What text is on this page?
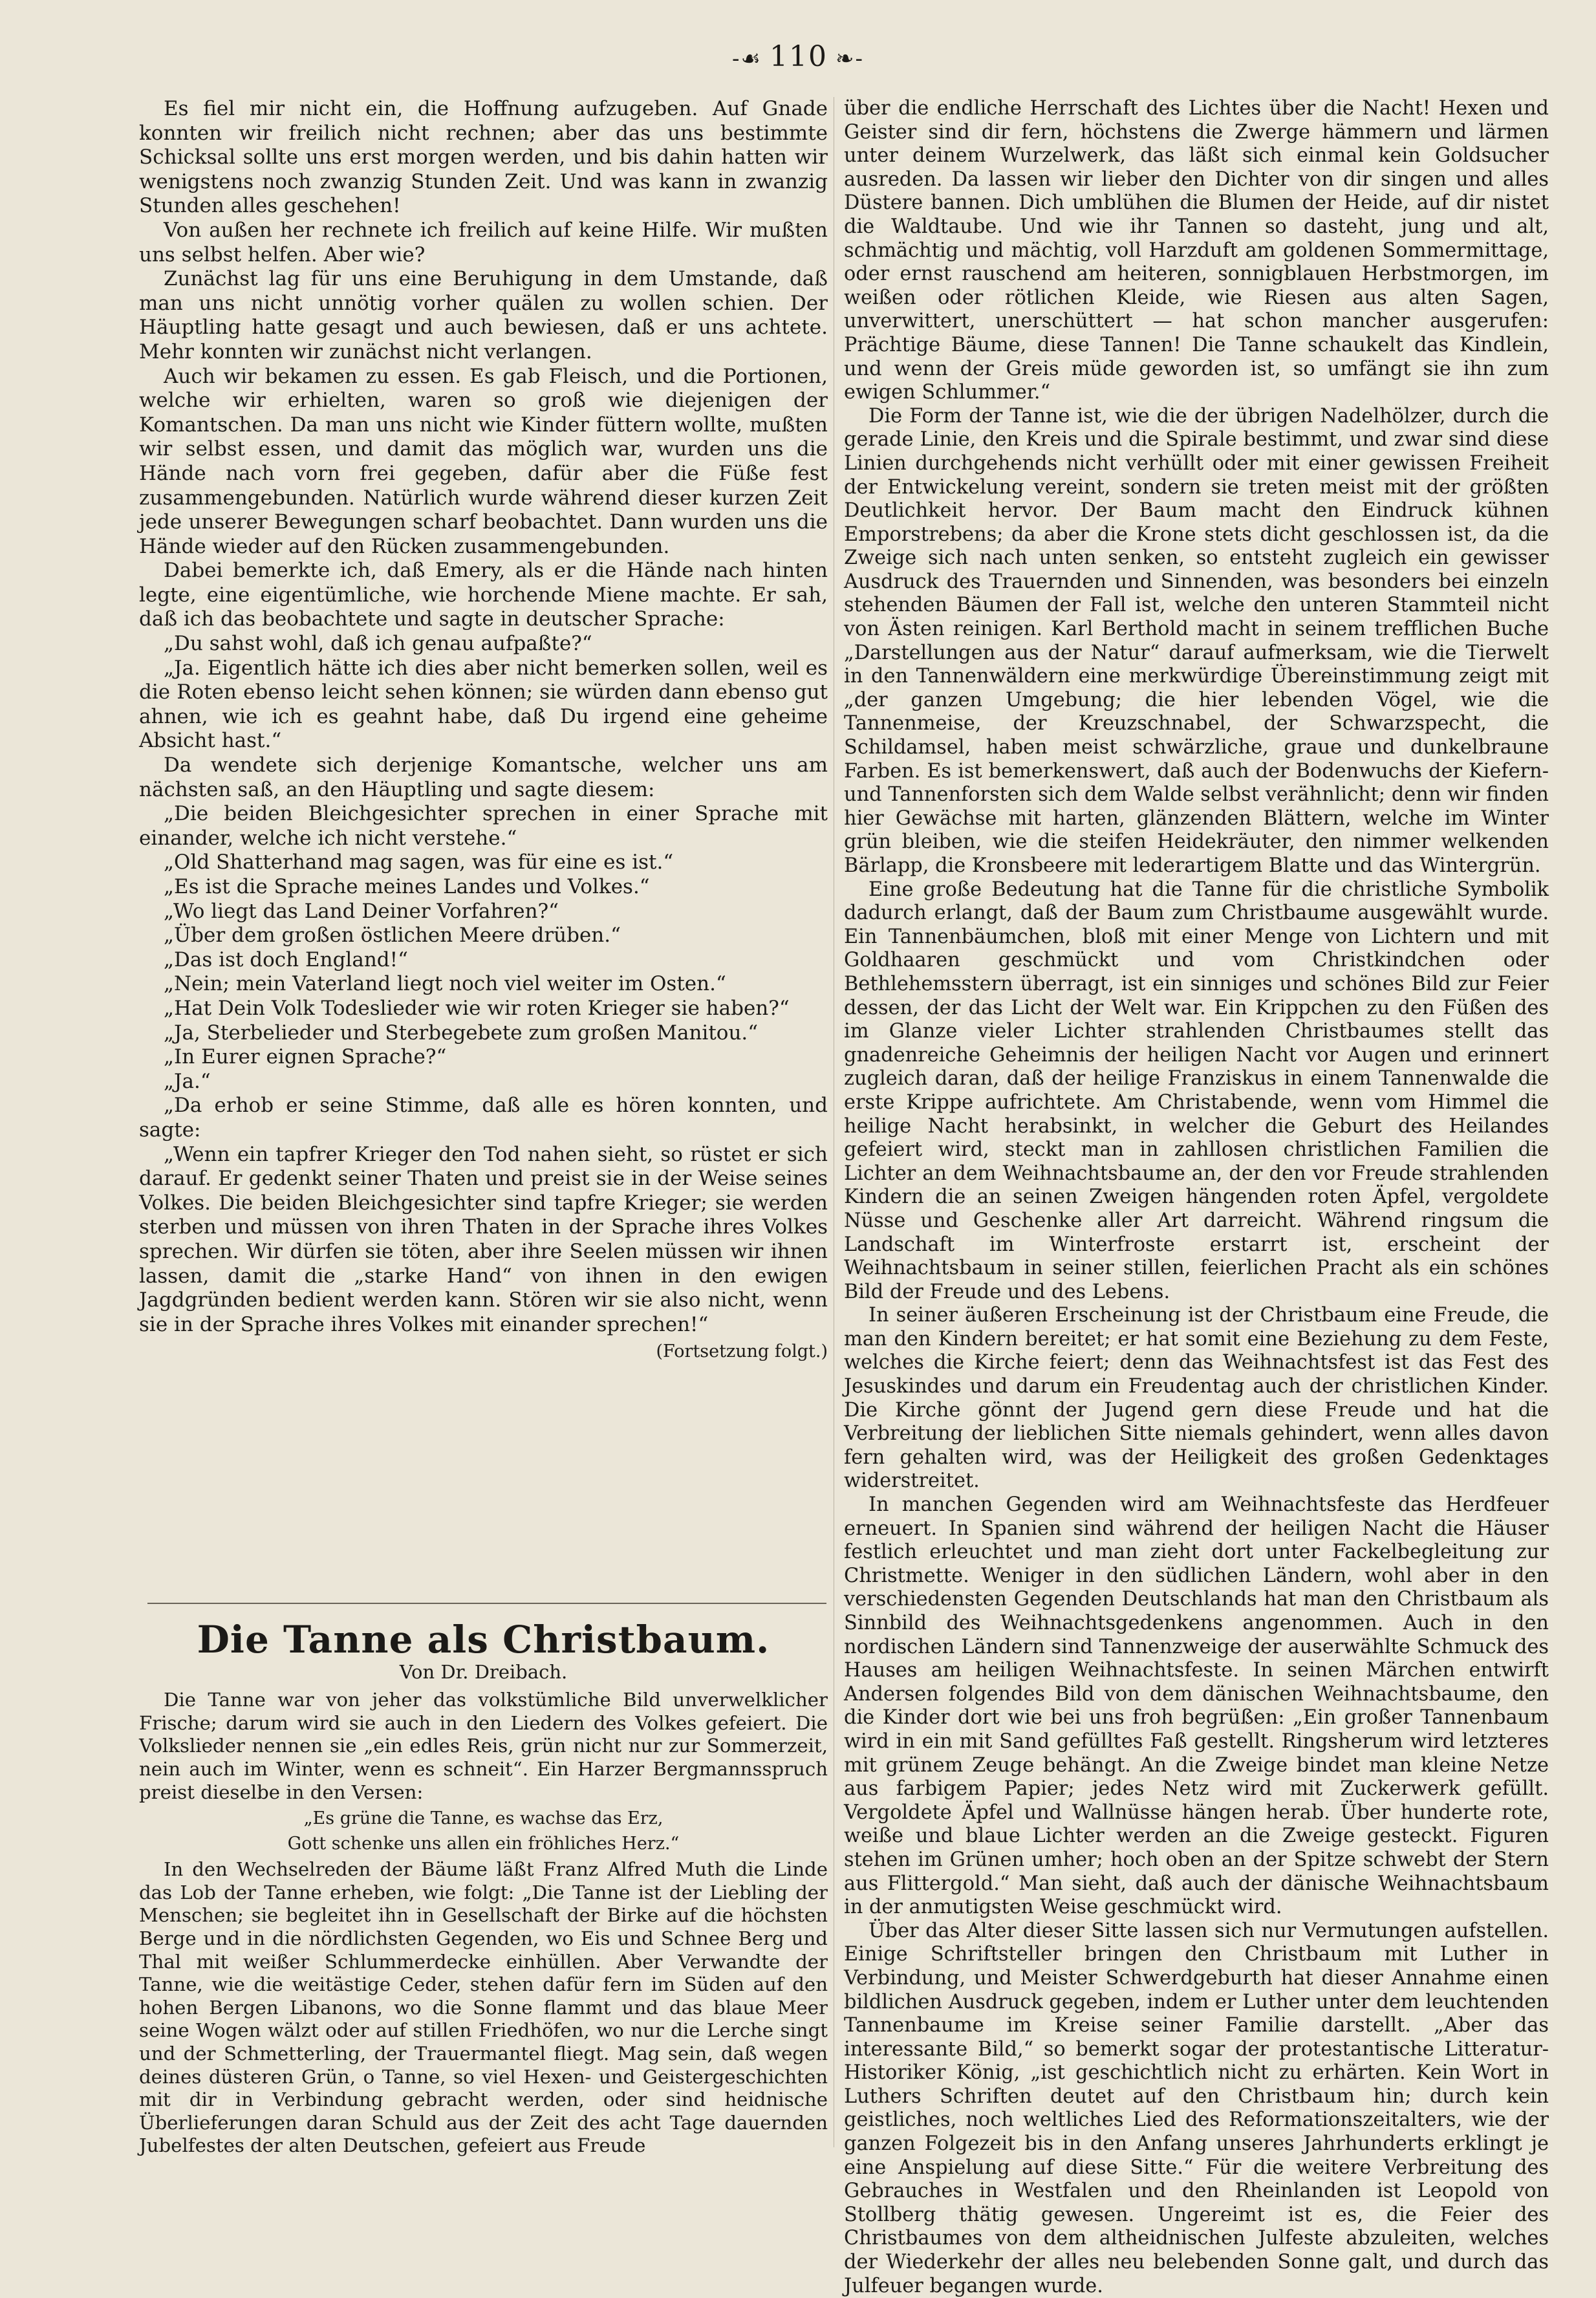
-☙ 110 ❧-

Es fiel mir nicht ein, die Hoffnung aufzugeben. Auf Gnade konnten wir freilich nicht rechnen; aber das uns bestimmte Schicksal sollte uns erst morgen werden, und bis dahin hatten wir wenigstens noch zwanzig Stunden Zeit. Und was kann in zwanzig Stunden alles geschehen!

Von außen her rechnete ich freilich auf keine Hilfe. Wir mußten uns selbst helfen. Aber wie?

Zunächst lag für uns eine Beruhigung in dem Umstande, daß man uns nicht unnötig vorher quälen zu wollen schien. Der Häuptling hatte gesagt und auch bewiesen, daß er uns achtete. Mehr konnten wir zunächst nicht verlangen.

Auch wir bekamen zu essen. Es gab Fleisch, und die Portionen, welche wir erhielten, waren so groß wie diejenigen der Komantschen. Da man uns nicht wie Kinder füttern wollte, mußten wir selbst essen, und damit das möglich war, wurden uns die Hände nach vorn frei gegeben, dafür aber die Füße fest zusammengebunden. Natürlich wurde während dieser kurzen Zeit jede unserer Bewegungen scharf beobachtet. Dann wurden uns die Hände wieder auf den Rücken zusammengebunden.

Dabei bemerkte ich, daß Emery, als er die Hände nach hinten legte, eine eigentümliche, wie horchende Miene machte. Er sah, daß ich das beobachtete und sagte in deutscher Sprache:

„Du sahst wohl, daß ich genau aufpaßte?“

„Ja. Eigentlich hätte ich dies aber nicht bemerken sollen, weil es die Roten ebenso leicht sehen können; sie würden dann ebenso gut ahnen, wie ich es geahnt habe, daß Du irgend eine geheime Absicht hast.“

Da wendete sich derjenige Komantsche, welcher uns am nächsten saß, an den Häuptling und sagte diesem:

„Die beiden Bleichgesichter sprechen in einer Sprache mit einander, welche ich nicht verstehe.“

„Old Shatterhand mag sagen, was für eine es ist.“

„Es ist die Sprache meines Landes und Volkes.“

„Wo liegt das Land Deiner Vorfahren?“

„Über dem großen östlichen Meere drüben.“

„Das ist doch England!“

„Nein; mein Vaterland liegt noch viel weiter im Osten.“

„Hat Dein Volk Todeslieder wie wir roten Krieger sie haben?“

„Ja, Sterbelieder und Sterbegebete zum großen Manitou.“

„In Eurer eignen Sprache?“

„Ja.“

„Da erhob er seine Stimme, daß alle es hören konnten, und sagte:

„Wenn ein tapfrer Krieger den Tod nahen sieht, so rüstet er sich darauf. Er gedenkt seiner Thaten und preist sie in der Weise seines Volkes. Die beiden Bleichgesichter sind tapfre Krieger; sie werden sterben und müssen von ihren Thaten in der Sprache ihres Volkes sprechen. Wir dürfen sie töten, aber ihre Seelen müssen wir ihnen lassen, damit die „starke Hand“ von ihnen in den ewigen Jagdgründen bedient werden kann. Stören wir sie also nicht, wenn sie in der Sprache ihres Volkes mit einander sprechen!“

(Fortsetzung folgt.)
Die Tanne als Christbaum.
Von Dr. Dreibach.

Die Tanne war von jeher das volkstümliche Bild unverwelklicher Frische; darum wird sie auch in den Liedern des Volkes gefeiert. Die Volkslieder nennen sie „ein edles Reis, grün nicht nur zur Sommerzeit, nein auch im Winter, wenn es schneit“. Ein Harzer Bergmannsspruch preist dieselbe in den Versen:

„Es grüne die Tanne, es wachse das Erz,
Gott schenke uns allen ein fröhliches Herz.“

In den Wechselreden der Bäume läßt Franz Alfred Muth die Linde das Lob der Tanne erheben, wie folgt: „Die Tanne ist der Liebling der Menschen; sie begleitet ihn in Gesellschaft der Birke auf die höchsten Berge und in die nördlichsten Gegenden, wo Eis und Schnee Berg und Thal mit weißer Schlummerdecke einhüllen. Aber Verwandte der Tanne, wie die weitästige Ceder, stehen dafür fern im Süden auf den hohen Bergen Libanons, wo die Sonne flammt und das blaue Meer seine Wogen wälzt oder auf stillen Friedhöfen, wo nur die Lerche singt und der Schmetterling, der Trauermantel fliegt. Mag sein, daß wegen deines düsteren Grün, o Tanne, so viel Hexen- und Geistergeschichten mit dir in Verbindung gebracht werden, oder sind heidnische Überlieferungen daran Schuld aus der Zeit des acht Tage dauernden Jubelfestes der alten Deutschen, gefeiert aus Freude

über die endliche Herrschaft des Lichtes über die Nacht! Hexen und Geister sind dir fern, höchstens die Zwerge hämmern und lärmen unter deinem Wurzelwerk, das läßt sich einmal kein Goldsucher ausreden. Da lassen wir lieber den Dichter von dir singen und alles Düstere bannen. Dich umblühen die Blumen der Heide, auf dir nistet die Waldtaube. Und wie ihr Tannen so dasteht, jung und alt, schmächtig und mächtig, voll Harzduft am goldenen Sommermittage, oder ernst rauschend am heiteren, sonnigblauen Herbstmorgen, im weißen oder rötlichen Kleide, wie Riesen aus alten Sagen, unverwittert, unerschüttert — hat schon mancher ausgerufen: Prächtige Bäume, diese Tannen! Die Tanne schaukelt das Kindlein, und wenn der Greis müde geworden ist, so umfängt sie ihn zum ewigen Schlummer.“

Die Form der Tanne ist, wie die der übrigen Nadelhölzer, durch die gerade Linie, den Kreis und die Spirale bestimmt, und zwar sind diese Linien durchgehends nicht verhüllt oder mit einer gewissen Freiheit der Entwickelung vereint, sondern sie treten meist mit der größten Deutlichkeit hervor. Der Baum macht den Eindruck kühnen Emporstrebens; da aber die Krone stets dicht geschlossen ist, da die Zweige sich nach unten senken, so entsteht zugleich ein gewisser Ausdruck des Trauernden und Sinnenden, was besonders bei einzeln stehenden Bäumen der Fall ist, welche den unteren Stammteil nicht von Ästen reinigen. Karl Berthold macht in seinem trefflichen Buche „Darstellungen aus der Natur“ darauf aufmerksam, wie die Tierwelt in den Tannenwäldern eine merkwürdige Übereinstimmung zeigt mit „der ganzen Umgebung; die hier lebenden Vögel, wie die Tannenmeise, der Kreuzschnabel, der Schwarzspecht, die Schildamsel, haben meist schwärzliche, graue und dunkelbraune Farben. Es ist bemerkenswert, daß auch der Bodenwuchs der Kiefern- und Tannenforsten sich dem Walde selbst verähnlicht; denn wir finden hier Gewächse mit harten, glänzenden Blättern, welche im Winter grün bleiben, wie die steifen Heidekräuter, den nimmer welkenden Bärlapp, die Kronsbeere mit lederartigem Blatte und das Wintergrün.

Eine große Bedeutung hat die Tanne für die christliche Symbolik dadurch erlangt, daß der Baum zum Christbaume ausgewählt wurde. Ein Tannenbäumchen, bloß mit einer Menge von Lichtern und mit Goldhaaren geschmückt und vom Christkindchen oder Bethlehemsstern überragt, ist ein sinniges und schönes Bild zur Feier dessen, der das Licht der Welt war. Ein Krippchen zu den Füßen des im Glanze vieler Lichter strahlenden Christbaumes stellt das gnadenreiche Geheimnis der heiligen Nacht vor Augen und erinnert zugleich daran, daß der heilige Franziskus in einem Tannenwalde die erste Krippe aufrichtete. Am Christabende, wenn vom Himmel die heilige Nacht herabsinkt, in welcher die Geburt des Heilandes gefeiert wird, steckt man in zahllosen christlichen Familien die Lichter an dem Weihnachtsbaume an, der den vor Freude strahlenden Kindern die an seinen Zweigen hängenden roten Äpfel, vergoldete Nüsse und Geschenke aller Art darreicht. Während ringsum die Landschaft im Winterfroste erstarrt ist, erscheint der Weihnachtsbaum in seiner stillen, feierlichen Pracht als ein schönes Bild der Freude und des Lebens.

In seiner äußeren Erscheinung ist der Christbaum eine Freude, die man den Kindern bereitet; er hat somit eine Beziehung zu dem Feste, welches die Kirche feiert; denn das Weihnachtsfest ist das Fest des Jesuskindes und darum ein Freudentag auch der christlichen Kinder. Die Kirche gönnt der Jugend gern diese Freude und hat die Verbreitung der lieblichen Sitte niemals gehindert, wenn alles davon fern gehalten wird, was der Heiligkeit des großen Gedenktages widerstreitet.

In manchen Gegenden wird am Weihnachtsfeste das Herdfeuer erneuert. In Spanien sind während der heiligen Nacht die Häuser festlich erleuchtet und man zieht dort unter Fackelbegleitung zur Christmette. Weniger in den südlichen Ländern, wohl aber in den verschiedensten Gegenden Deutschlands hat man den Christbaum als Sinnbild des Weihnachtsgedenkens angenommen. Auch in den nordischen Ländern sind Tannenzweige der auserwählte Schmuck des Hauses am heiligen Weihnachtsfeste. In seinen Märchen entwirft Andersen folgendes Bild von dem dänischen Weihnachtsbaume, den die Kinder dort wie bei uns froh begrüßen: „Ein großer Tannenbaum wird in ein mit Sand gefülltes Faß gestellt. Ringsherum wird letzteres mit grünem Zeuge behängt. An die Zweige bindet man kleine Netze aus farbigem Papier; jedes Netz wird mit Zuckerwerk gefüllt. Vergoldete Äpfel und Wallnüsse hängen herab. Über hunderte rote, weiße und blaue Lichter werden an die Zweige gesteckt. Figuren stehen im Grünen umher; hoch oben an der Spitze schwebt der Stern aus Flittergold.“ Man sieht, daß auch der dänische Weihnachtsbaum in der anmutigsten Weise geschmückt wird.

Über das Alter dieser Sitte lassen sich nur Vermutungen aufstellen. Einige Schriftsteller bringen den Christbaum mit Luther in Verbindung, und Meister Schwerdgeburth hat dieser Annahme einen bildlichen Ausdruck gegeben, indem er Luther unter dem leuchtenden Tannenbaume im Kreise seiner Familie darstellt. „Aber das interessante Bild,“ so bemerkt sogar der protestantische Litteratur-Historiker König, „ist geschichtlich nicht zu erhärten. Kein Wort in Luthers Schriften deutet auf den Christbaum hin; durch kein geistliches, noch weltliches Lied des Reformationszeitalters, wie der ganzen Folgezeit bis in den Anfang unseres Jahrhunderts erklingt je eine Anspielung auf diese Sitte.“ Für die weitere Verbreitung des Gebrauches in Westfalen und den Rheinlanden ist Leopold von Stollberg thätig gewesen. Ungereimt ist es, die Feier des Christbaumes von dem altheidnischen Julfeste abzuleiten, welches der Wiederkehr der alles neu belebenden Sonne galt, und durch das Julfeuer begangen wurde.
